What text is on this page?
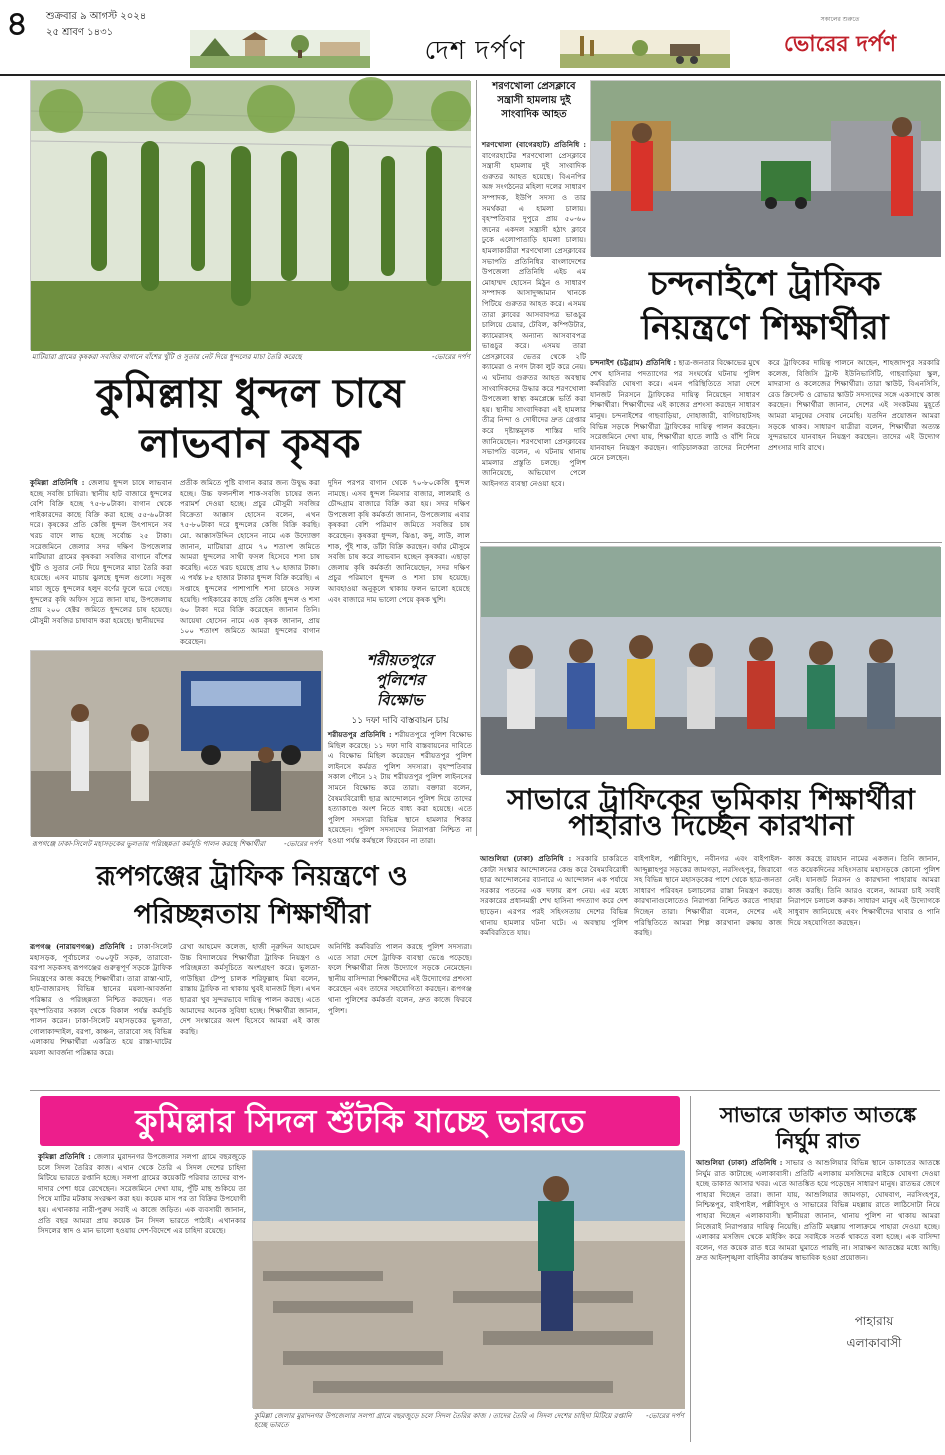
৪	শুক্রবার ৯ আগস্ট ২০২৪
২৫ শ্রাবণ ১৪৩১
দেশ দর্পণ
সকালের শুরুতে
ভোরের দর্পণ
মাটিয়ারা গ্রামের কৃষকরা সবজির বাগানে বাঁশের খুঁটি ও সুতার নেট দিয়ে ধুন্দলের মাচা তৈরি করেছে	-ভোরের দর্পণ
কুমিল্লায় ধুন্দল চাষে
লাভবান কৃষক
কুমিল্লা প্রতিনিধি : জেলায় ধুন্দল চাষে লাভবান হচ্ছে সবজি চাষিরা। স্থানীয় হাট বাজারে ধুন্দলের বেশি বিক্রি হচ্ছে ৭৫-৮০টাকা। বাগান থেকে পাইকারদের কাছে বিক্রি করা হচ্ছে ৫৫-৬০টাকা দরে। কৃষকের প্রতি কেজি ধুন্দল উৎপাদনে সব খরচ বাদে লাভ হচ্ছে সর্বোচ্চ ২৫ টাকা। সরেজমিনে জেলার সদর দক্ষিণ উপজেলার মাটিয়ারা গ্রামের কৃষকরা সবজির বাগানে বাঁশের খুঁটি ও সুতার নেট দিয়ে ধুন্দলের মাচা তৈরি করা হয়েছে। এসব মাচায় ঝুলছে ধুন্দল গুলো। সবুজ মাচা জুড়ে ধুন্দলের হলুদ বর্ণের ফুলে ভরে গেছে। ধুন্দলের কৃষি অফিস সূত্রে জানা যায়, উপজেলায় প্রায় ২০০ হেক্টর জমিতে ধুন্দলের চাষ হয়েছে। মৌসুমী সবজির চাষাবাদ করা হয়েছে। স্থানীয়দের
প্রতীক জমিতে পুষ্টি বাগান করার জন্য উদ্বুদ্ধ করা হচ্ছে। উচ্চ ফলনশীল শাক-সবজি চাষের জন্য পরামর্শ দেওয়া হচ্ছে। প্রচুর মৌসুমী সবজির বিক্রেতা আক্কাস হোসেন বলেন, এখন ৭৫-৮০টাকা দরে ধুন্দলের কেজি বিক্রি করছি। মো. আক্কাসউদ্দিন হোসেন নামে এক উদ্যোক্তা জানান, মাটিয়ারা গ্রামে ৭০ শতাংশ জমিতে আমরা ধুন্দলের সাথী ফসল হিসেবে শসা চাষ করেছি। এতে খরচ হয়েছে প্রায় ৭০ হাজার টাকা। এ পর্যন্ত ৮৫ হাজার টাকার ধুন্দল বিক্রি করেছি। এ সপ্তাহে ধুন্দলের পাশাপাশি শসা চাষেও সফল হয়েছি। পাইকারের কাছে প্রতি কেজি ধুন্দল ও শসা ৬০ টাকা দরে বিক্রি করেছেন জানান তিনি। আয়েষা হোসেন নামে এক কৃষক জানান, প্রায় ১০০ শতাংশ জমিতে আমরা ধুন্দলের বাগান করেছেন।
দুদিন পরপর বাগান থেকে ৭০-৮০কেজি ধুন্দল নামছে। এসব ধুন্দল নিমসার বাজার, লালমাই ও চৌদ্দগ্রাম বাজারে বিক্রি করা হয়। সদর দক্ষিণ উপজেলা কৃষি কর্মকর্তা জানান, উপজেলায় এবার কৃষকরা বেশি পরিমাণ জমিতে সবজির চাষ করেছেন। কৃষকরা ধুন্দল, ঝিঙা, কদু, লাউ, লাল শাক, পুঁই শাক, ডাঁটা বিক্রি করছেন। বর্ষার মৌসুমে সবজি চাষ করে লাভবান হচ্ছেন কৃষকরা। এছাড়া জেলায় কৃষি কর্মকর্তা জানিয়েছেন, সদর দক্ষিণ প্রচুর পরিমাণে ধুন্দল ও শসা চাষ হয়েছে। আবহাওয়া অনুকূলে থাকায় ফলন ভালো হয়েছে এবং বাজারে দাম ভালো পেয়ে কৃষক খুশি।
শরণখোলা প্রেসক্লাবে সন্ত্রাসী হামলায় দুই সাংবাদিক আহত
শরণখোলা (বাগেরহাট) প্রতিনিধি : বাগেরহাটের শরণখোলা প্রেসক্লাবে সন্ত্রাসী হামলায় দুই সাংবাদিক গুরুতর আহত হয়েছে। বিএনপির অঙ্গ সংগঠনের মহিলা দলের সাধারণ সম্পাদক, ইউপি সদস্য ও তার সমর্থকরা এ হামলা চালায়। বৃহস্পতিবার দুপুরে প্রায় ৫০-৬০ জনের একদল সন্ত্রাসী হঠাৎ ক্লাবে ঢুকে এলোপাতাড়ি হামলা চালায়। হামলাকারীরা শরণখোলা প্রেসক্লাবের সভাপতি প্রতিনিধির বাংলাদেশের উপজেলা প্রতিনিধি এইচ এম মোহাম্মদ হোসেন মিঠুন ও সাধারণ সম্পাদক আসাদুজ্জামান খানকে পিটিয়ে গুরুতর আহত করে। এসময় তারা ক্লাবের আসবাবপত্র ভাঙচুর চালিয়ে চেয়ার, টেবিল, কম্পিউটার, ক্যামেরাসহ অন্যান্য আসবাবপত্র ভাঙচুর করে। এসময় তারা প্রেসক্লাবের ভেতর থেকে ২টি ক্যামেরা ও নগদ টাকা লুট করে নেয়। এ ঘটনায় গুরুতর আহত অবস্থায় সাংবাদিকদের উদ্ধার করে শরণখোলা উপজেলা স্বাস্থ্য কমপ্লেক্সে ভর্তি করা হয়। স্থানীয় সাংবাদিকরা এই হামলার তীব্র নিন্দা ও দোষীদের দ্রুত গ্রেপ্তার করে দৃষ্টান্তমূলক শাস্তির দাবি জানিয়েছেন। শরণখোলা প্রেসক্লাবের সভাপতি বলেন, এ ঘটনায় থানায় মামলার প্রস্তুতি চলছে। পুলিশ জানিয়েছে, অভিযোগ পেলে আইনগত ব্যবস্থা নেওয়া হবে।
চন্দনাইশে ট্রাফিক
নিয়ন্ত্রণে শিক্ষার্থীরা
চন্দনাইশ (চট্টগ্রাম) প্রতিনিধি : ছাত্র-জনতার বিক্ষোভের মুখে শেখ হাসিনার পদত্যাগের পর সংঘর্ষের ঘটনায় পুলিশ কর্মবিরতি ঘোষণা করে। এমন পরিস্থিতিতে সারা দেশে যানজট নিরসনে ট্রাফিকের দায়িত্ব নিয়েছেন সাধারণ শিক্ষার্থীরা। শিক্ষার্থীদের এই কাজের প্রশংসা করছেন সাধারণ মানুষ। চন্দনাইশের গাছবাড়িয়া, দোহাজারী, বাগিচাহাটসহ বিভিন্ন সড়কে শিক্ষার্থীরা ট্রাফিকের দায়িত্ব পালন করছেন। সরেজমিনে দেখা যায়, শিক্ষার্থীরা হাতে লাঠি ও বাঁশি নিয়ে যানবাহন নিয়ন্ত্রণ করছেন। গাড়িচালকরা তাদের নির্দেশনা মেনে চলছেন।
করে ট্রাফিকের দায়িত্ব পালনে আছেন, শাহজাদপুর সরকারি কলেজ, বিজিসি ট্রাস্ট ইউনিভার্সিটি, গাছবাড়িয়া স্কুল, মাদরাসা ও কলেজের শিক্ষার্থীরা। তারা স্কাউট, বিএনসিসি, রেড ক্রিসেন্ট ও রোভার স্কাউট সদস্যদের সঙ্গে একসাথে কাজ করছেন। শিক্ষার্থীরা জানান, দেশের এই সংকটময় মুহূর্তে আমরা মানুষের সেবায় নেমেছি। যতদিন প্রয়োজন আমরা সড়কে থাকব। সাধারণ যাত্রীরা বলেন, শিক্ষার্থীরা অত্যন্ত সুন্দরভাবে যানবাহন নিয়ন্ত্রণ করছেন। তাদের এই উদ্যোগ প্রশংসার দাবি রাখে।
সাভারে ট্রাফিকের ভূমিকায় শিক্ষার্থীরা
পাহারাও দিচ্ছেন কারখানা
শরীয়তপুরে
পুলিশের
বিক্ষোভ
১১ দফা দাবি বাস্তবায়ন চায়
শরীয়তপুর প্রতিনিধি : শরীয়তপুরে পুলিশ বিক্ষোভ মিছিল করেছে। ১১ দফা দাবি বাস্তবায়নের দাবিতে এ বিক্ষোভ মিছিল করেছেন শরীয়তপুর পুলিশ লাইনসে কর্মরত পুলিশ সদস্যরা। বৃহস্পতিবার সকাল পৌনে ১২ টায় শরীয়তপুর পুলিশ লাইনসের সামনে বিক্ষোভ করে তারা। বক্তারা বলেন, বৈষম্যবিরোধী ছাত্র আন্দোলনে পুলিশ দিয়ে তাদের হত্যাকাণ্ডে অংশ নিতে বাধ্য করা হয়েছে। এতে পুলিশ সদস্যরা বিভিন্ন স্থানে হামলার শিকার হয়েছেন। পুলিশ সদস্যদের নিরাপত্তা নিশ্চিত না হওয়া পর্যন্ত কর্মস্থলে ফিরবেন না তারা।
রূপগঞ্জে ঢাকা-সিলেট মহাসড়কের ভুলতায় পরিচ্ছন্নতা কর্মসূচি পালন করছে শিক্ষার্থীরা	-ভোরের দর্পণ
রূপগঞ্জের ট্রাফিক নিয়ন্ত্রণে ও
পরিচ্ছন্নতায় শিক্ষার্থীরা
রূপগঞ্জ (নারায়ণগঞ্জ) প্রতিনিধি : ঢাকা-সিলেট মহাসড়ক, পূর্বাচলের ৩০০ফুট সড়ক, তারাবো-বরপা সড়কসহ রূপগঞ্জের গুরুত্বপূর্ণ সড়কে ট্রাফিক নিয়ন্ত্রণের কাজ করছে শিক্ষার্থীরা। তারা রাস্তা-ঘাট, হাট-বাজারসহ বিভিন্ন স্থানের ময়লা-আবর্জনা পরিষ্কার ও পরিচ্ছন্নতা নিশ্চিত করছেন। গত বৃহস্পতিবার সকাল থেকে বিকাল পর্যন্ত কর্মসূচি পালন করেন। ঢাকা-সিলেট মহাসড়কের ভুলতা, গোলাকান্দাইল, বরপা, কাঞ্চন, তারাবো সহ বিভিন্ন এলাকায় শিক্ষার্থীরা একত্রিত হয়ে রাস্তা-ঘাটের ময়লা আবর্জনা পরিষ্কার করে।
রেখা আহমেদ কলেজ, হাজী নূরুদ্দিন আহমেদ উচ্চ বিদ্যালয়ের শিক্ষার্থীরা ট্রাফিক নিয়ন্ত্রণ ও পরিচ্ছন্নতা কর্মসূচিতে অংশগ্রহণ করে। ভুলতা-গাউছিয়া টেম্পু চালক শরিফুল্লাহ মিয়া বলেন, রাস্তায় ট্রাফিক না থাকায় খুবই যানজট ছিল। এখন ছাত্ররা খুব সুন্দরভাবে দায়িত্ব পালন করছে। এতে আমাদের অনেক সুবিধা হচ্ছে। শিক্ষার্থীরা জানান, দেশ সংস্কারের অংশ হিসেবে আমরা এই কাজ করছি।
অনির্দিষ্ট কর্মবিরতি পালন করছে পুলিশ সদস্যরা। এতে সারা দেশে ট্রাফিক ব্যবস্থা ভেঙে পড়েছে। ফলে শিক্ষার্থীরা নিজ উদ্যোগে সড়কে নেমেছেন। স্থানীয় বাসিন্দারা শিক্ষার্থীদের এই উদ্যোগের প্রশংসা করেছেন এবং তাদের সহযোগিতা করছেন। রূপগঞ্জ থানা পুলিশের কর্মকর্তা বলেন, দ্রুত কাজে ফিরবে পুলিশ।
আশুলিয়া (ঢাকা) প্রতিনিধি : সরকারি চাকরিতে কোটা সংস্কার আন্দোলনের কেন্দ্র করে বৈষম্যবিরোধী ছাত্র আন্দোলনের ব্যানারে এ আন্দোলন এক পর্যায়ে সরকার পতনের এক দফায় রূপ নেয়। এর মধ্যে সরকারের প্রধানমন্ত্রী শেখ হাসিনা পদত্যাগ করে দেশ ছাড়েন। এরপর পরই সহিংসতায় দেশের বিভিন্ন থানায় হামলার ঘটনা ঘটে। এ অবস্থায় পুলিশ কর্মবিরতিতে যায়।
বাইপাইল, পল্লীবিদ্যুৎ, নবীনগর এবং বাইপাইল-আব্দুল্লাহপুর সড়কের জামগড়া, নরসিংহপুর, জিরাবো সহ বিভিন্ন স্থানে মহাসড়কের পাশে থেকে ছাত্র-জনতা সাধারণ পরিবহন চলাচলের রাস্তা নিয়ন্ত্রণ করছে। কারখানাগুলোতেও নিরাপত্তা নিশ্চিত করতে পাহারা দিচ্ছেন তারা। শিক্ষার্থীরা বলেন, দেশের এই পরিস্থিতিতে আমরা শিল্প কারখানা রক্ষায় কাজ করছি।
কাজ করছে রায়হান নামের একজন। তিনি জানান, গত কয়েকদিনের সহিংসতায় মহাসড়কে কোনো পুলিশ নেই। যানজট নিরসন ও কারখানা পাহারায় আমরা কাজ করছি। তিনি আরও বলেন, আমরা চাই সবাই নিরাপদে চলাচল করুক। সাধারণ মানুষ এই উদ্যোগকে সাধুবাদ জানিয়েছে এবং শিক্ষার্থীদের খাবার ও পানি দিয়ে সহযোগিতা করছেন।
কুমিল্লার সিদল শুঁটকি যাচ্ছে ভারতে
কুমিল্লা প্রতিনিধি : জেলার মুরাদনগর উপজেলার সলপা গ্রামে বছরজুড়ে চলে সিদল তৈরির কাজ। এখান থেকে তৈরি এ সিদল দেশের চাহিদা মিটিয়ে ভারতে রপ্তানি হচ্ছে। সলপা গ্রামের কয়েকটি পরিবার তাদের বাপ-দাদার পেশা ধরে রেখেছেন। সরেজমিনে দেখা যায়, পুঁটি মাছ শুকিয়ে তা পিষে মাটির মটকায় সংরক্ষণ করা হয়। কয়েক মাস পর তা বিক্রির উপযোগী হয়। এখানকার নারী-পুরুষ সবাই এ কাজে জড়িত। এক ব্যবসায়ী জানান, প্রতি বছর আমরা প্রায় কয়েক টন সিদল ভারতে পাঠাই। এখানকার সিদলের স্বাদ ও মান ভালো হওয়ায় দেশ-বিদেশে এর চাহিদা রয়েছে।
কুমিল্লা জেলার মুরাদনগর উপজেলার সলপা গ্রামে বছরজুড়ে চলে সিদল তৈরির কাজ । তাদের তৈরি এ সিদল দেশের চাহিদা মিটিয়ে রপ্তানি হচ্ছে ভারতে
-ভোরের দর্পণ
সাভারে ডাকাত আতঙ্কে
নির্ঘুম রাত
আশুলিয়া (ঢাকা) প্রতিনিধি : সাভার ও আশুলিয়ার বিভিন্ন স্থানে ডাকাতের আতঙ্কে নির্ঘুম রাত কাটাচ্ছে এলাকাবাসী। প্রতিটি এলাকায় মসজিদের মাইকে ঘোষণা দেওয়া হচ্ছে ডাকাত আসার খবর। এতে আতঙ্কিত হয়ে পড়েছেন সাধারণ মানুষ। রাতভর জেগে পাহারা দিচ্ছেন তারা। জানা যায়, আশুলিয়ার জামগড়া, ঘোষবাগ, নরসিংহপুর, নিশ্চিন্তপুর, বাইপাইল, পল্লীবিদ্যুৎ ও সাভারের বিভিন্ন মহল্লায় রাতে লাঠিসোটা নিয়ে পাহারা দিচ্ছেন এলাকাবাসী। স্থানীয়রা জানান, থানায় পুলিশ না থাকায় আমরা নিজেরাই নিরাপত্তার দায়িত্ব নিয়েছি। প্রতিটি মহল্লায় পালাক্রমে পাহারা দেওয়া হচ্ছে। এলাকার মসজিদ থেকে মাইকিং করে সবাইকে সতর্ক থাকতে বলা হচ্ছে। এক বাসিন্দা বলেন, গত কয়েক রাত ধরে আমরা ঘুমাতে পারছি না। সারাক্ষণ আতঙ্কের মধ্যে আছি। দ্রুত আইনশৃঙ্খলা বাহিনীর কার্যক্রম স্বাভাবিক হওয়া প্রয়োজন।
পাহারায়
এলাকাবাসী
